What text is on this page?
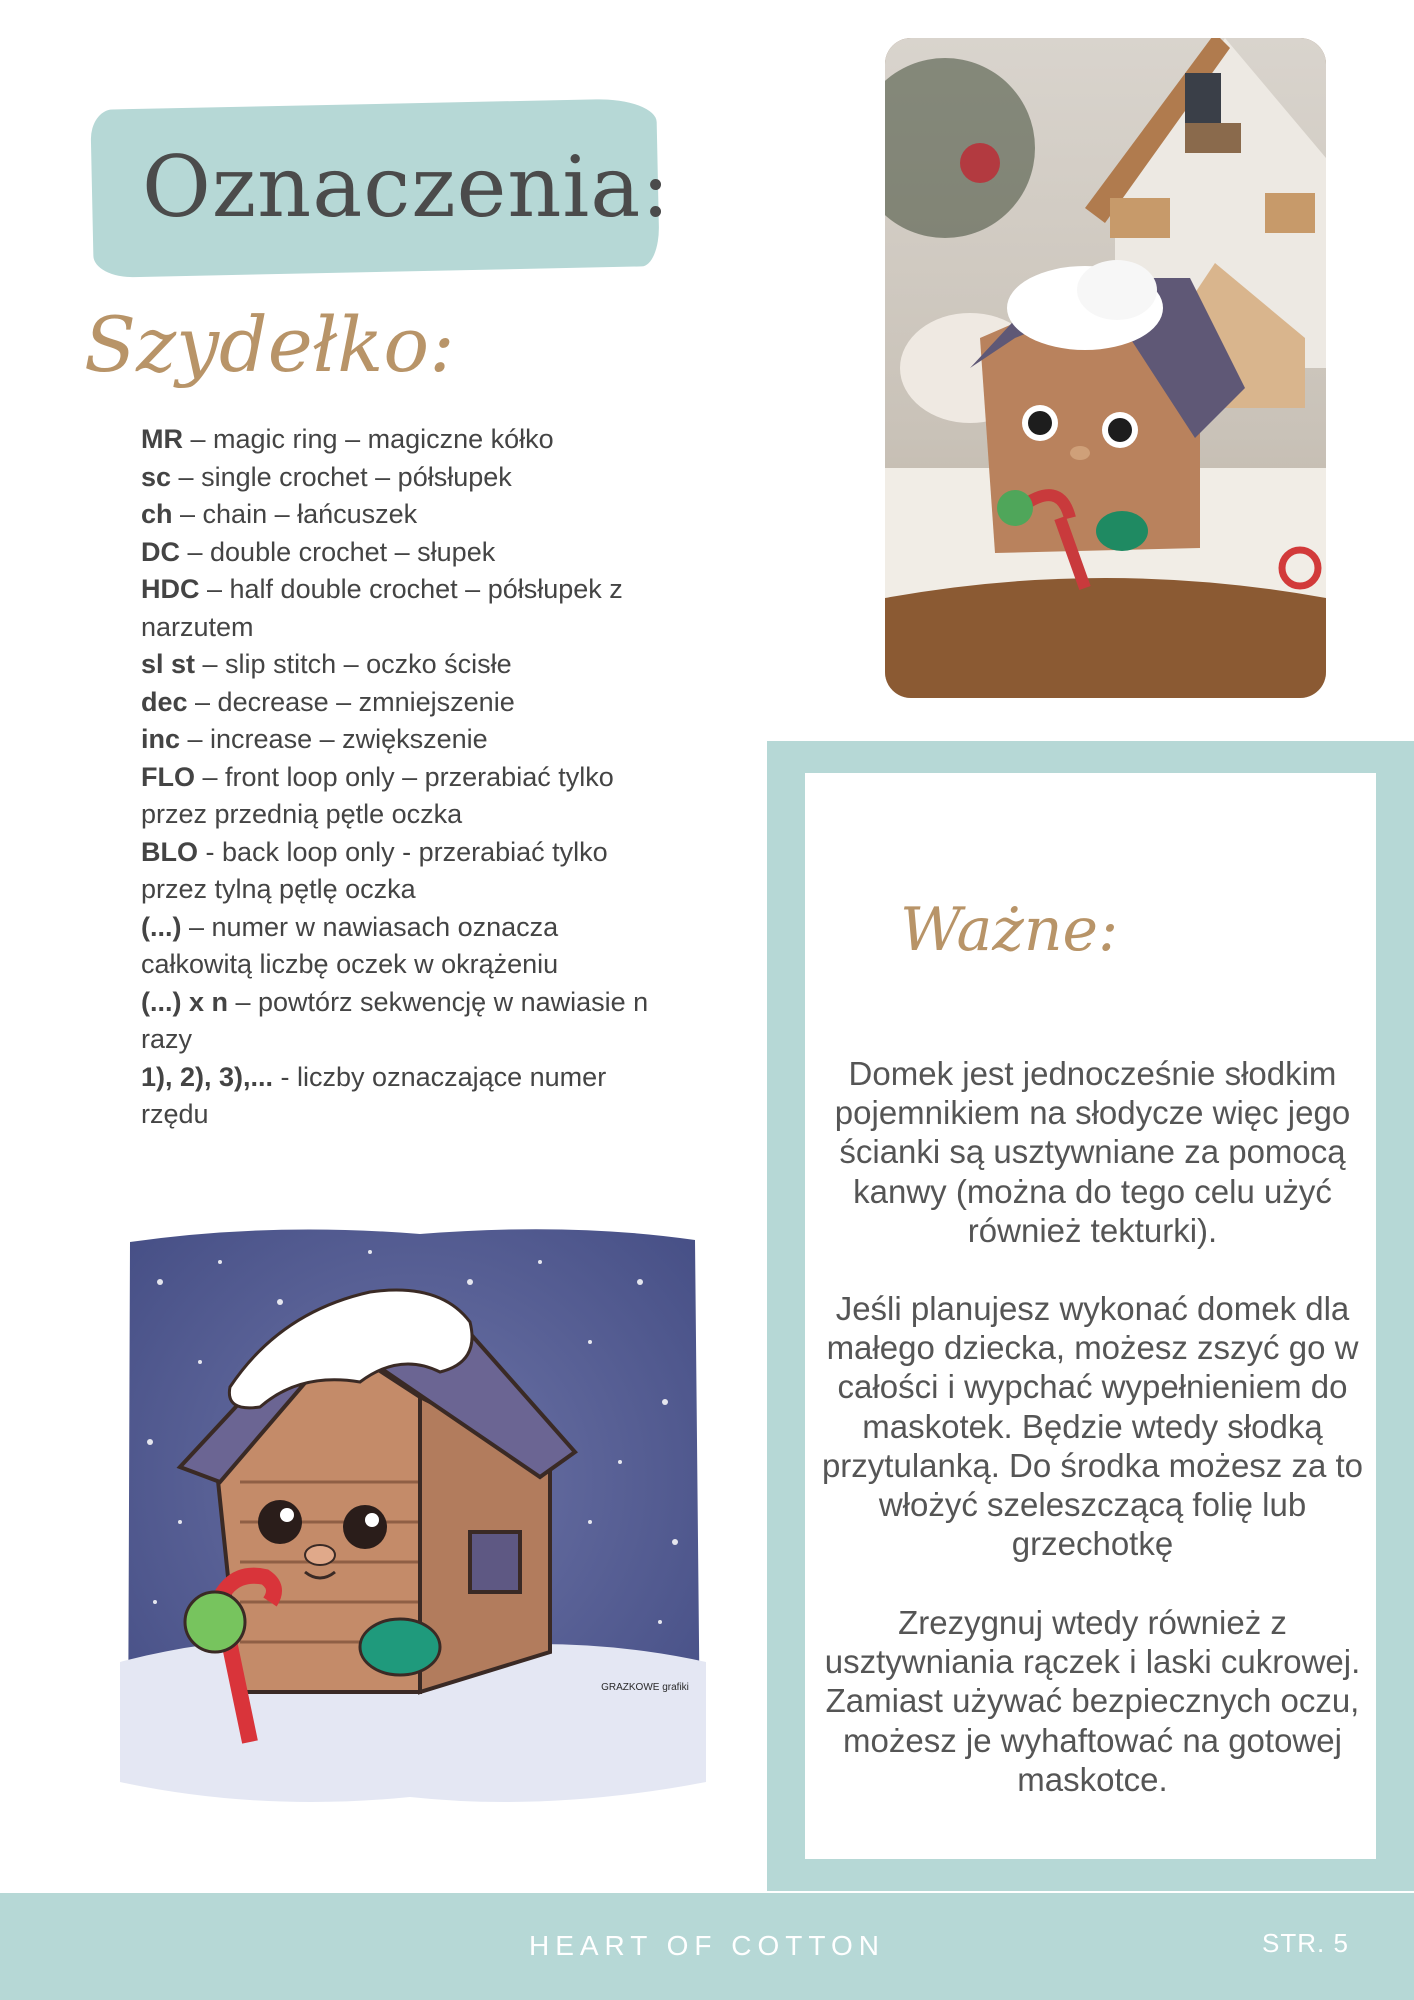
Oznaczenia:
Szydełko:
MR – magic ring – magiczne kółko
sc – single crochet – półsłupek
ch – chain – łańcuszek
DC – double crochet – słupek
HDC – half double crochet – półsłupek z narzutem
sl st – slip stitch – oczko ścisłe
dec – decrease – zmniejszenie
inc – increase – zwiększenie
FLO – front loop only – przerabiać tylko przez przednią pętle oczka
BLO - back loop only - przerabiać tylko przez tylną pętlę oczka
(...) – numer w nawiasach oznacza całkowitą liczbę oczek w okrążeniu
(...) x n – powtórz sekwencję w nawiasie n razy
1), 2), 3),... - liczby oznaczające numer rzędu
GRAZKOWE grafiki
Ważne:
Domek jest jednocześnie słodkim pojemnikiem na słodycze więc jego ścianki są usztywniane za pomocą kanwy (można do tego celu użyć również tekturki).
Jeśli planujesz wykonać domek dla małego dziecka, możesz zszyć go w całości i wypchać wypełnieniem do maskotek. Będzie wtedy słodką przytulanką. Do środka możesz za to włożyć szeleszczącą folię lub grzechotkę
Zrezygnuj wtedy również z usztywniania rączek i laski cukrowej. Zamiast używać bezpiecznych oczu, możesz je wyhaftować na gotowej maskotce.
HEART OF COTTON	STR. 5
